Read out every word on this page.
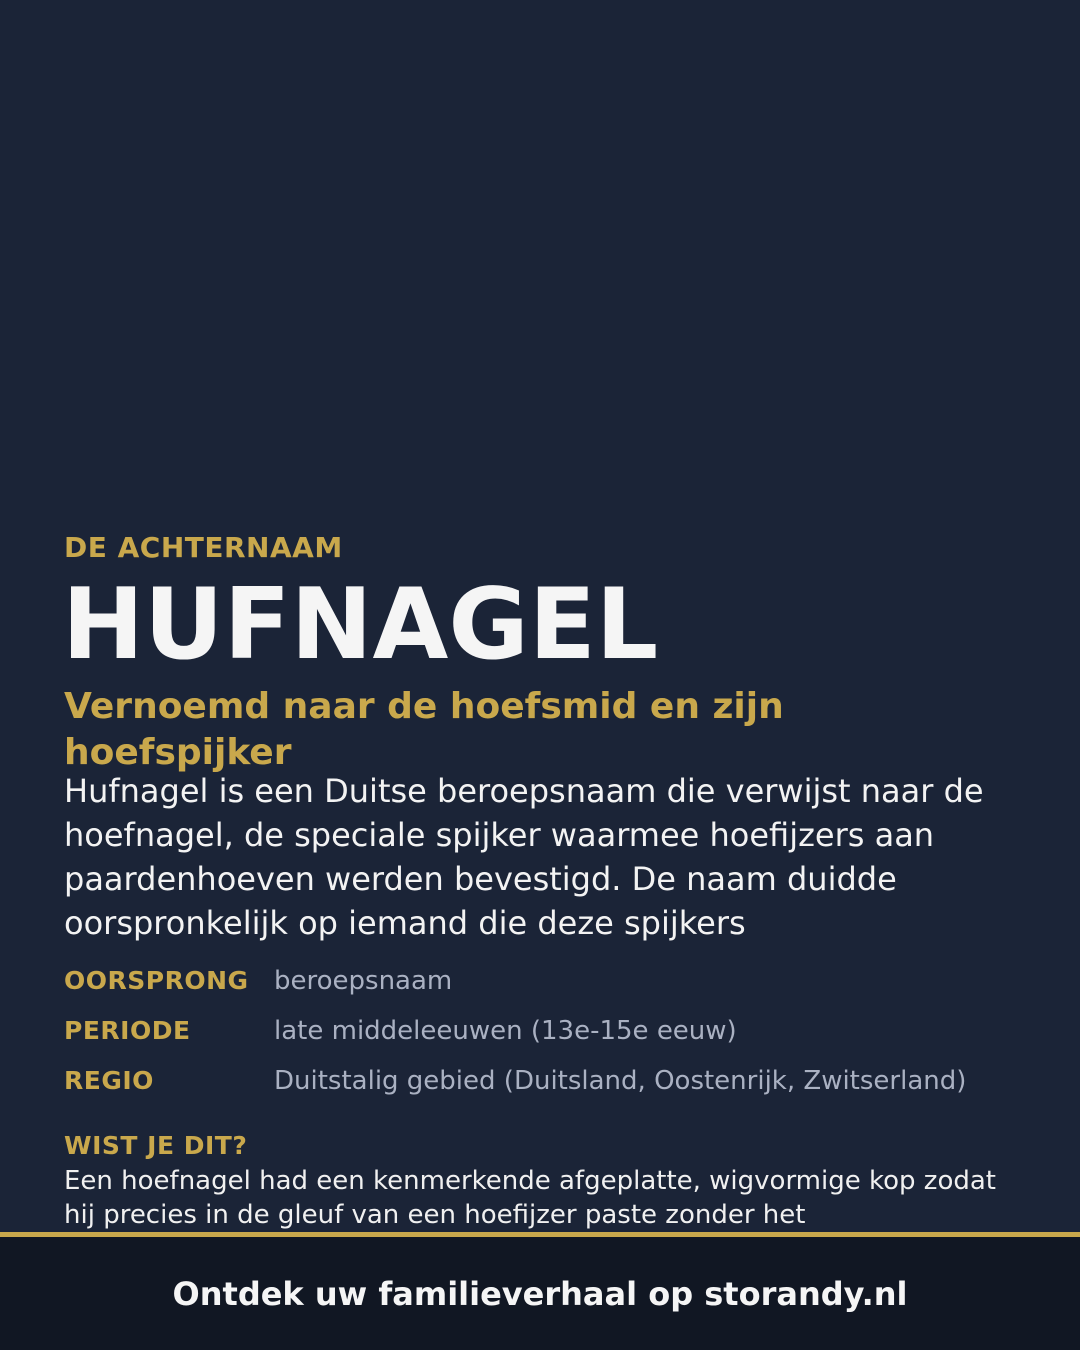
DE ACHTERNAAM
HUFNAGEL
Vernoemd naar de hoefsmid en zijn hoefspijker
Hufnagel is een Duitse beroepsnaam die verwijst naar de hoefnagel, de speciale spijker waarmee hoefijzers aan paardenhoeven werden bevestigd. De naam duidde oorspronkelijk op iemand die deze spijkers
OORSPRONG beroepsnaam
PERIODE	late middeleeuwen (13e-15e eeuw)
REGIO	Duitstalig gebied (Duitsland, Oostenrijk, Zwitserland)
WIST JE DIT?
Een hoefnagel had een kenmerkende afgeplatte, wigvormige kop zodat hij precies in de gleuf van een hoefijzer paste zonder het
Ontdek uw familieverhaal op storandy.nl
